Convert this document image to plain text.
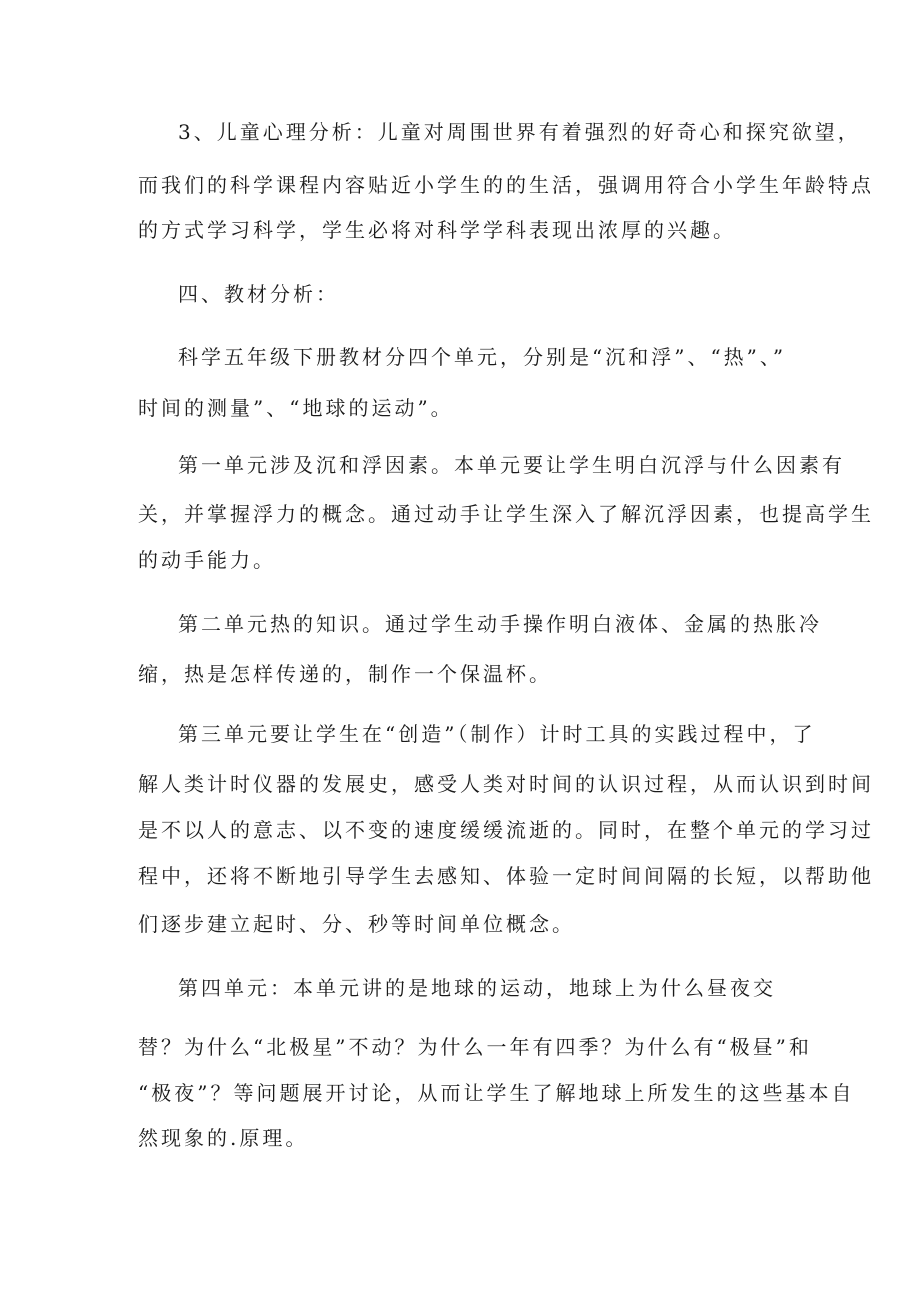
3、儿童心理分析：儿童对周围世界有着强烈的好奇心和探究欲望，
而我们的科学课程内容贴近小学生的的生活，强调用符合小学生年龄特点
的方式学习科学，学生必将对科学学科表现出浓厚的兴趣。
四、教材分析：
科学五年级下册教材分四个单元，分别是“沉和浮”、“热”、”
时间的测量”、“地球的运动”。
第一单元涉及沉和浮因素。本单元要让学生明白沉浮与什么因素有
关，并掌握浮力的概念。通过动手让学生深入了解沉浮因素，也提高学生
的动手能力。
第二单元热的知识。通过学生动手操作明白液体、金属的热胀冷
缩，热是怎样传递的，制作一个保温杯。
第三单元要让学生在“创造”（制作）计时工具的实践过程中，了
解人类计时仪器的发展史，感受人类对时间的认识过程，从而认识到时间
是不以人的意志、以不变的速度缓缓流逝的。同时，在整个单元的学习过
程中，还将不断地引导学生去感知、体验一定时间间隔的长短，以帮助他
们逐步建立起时、分、秒等时间单位概念。
第四单元：本单元讲的是地球的运动，地球上为什么昼夜交
替？为什么“北极星”不动？为什么一年有四季？为什么有“极昼”和
“极夜”？等问题展开讨论，从而让学生了解地球上所发生的这些基本自
然现象的.原理。
